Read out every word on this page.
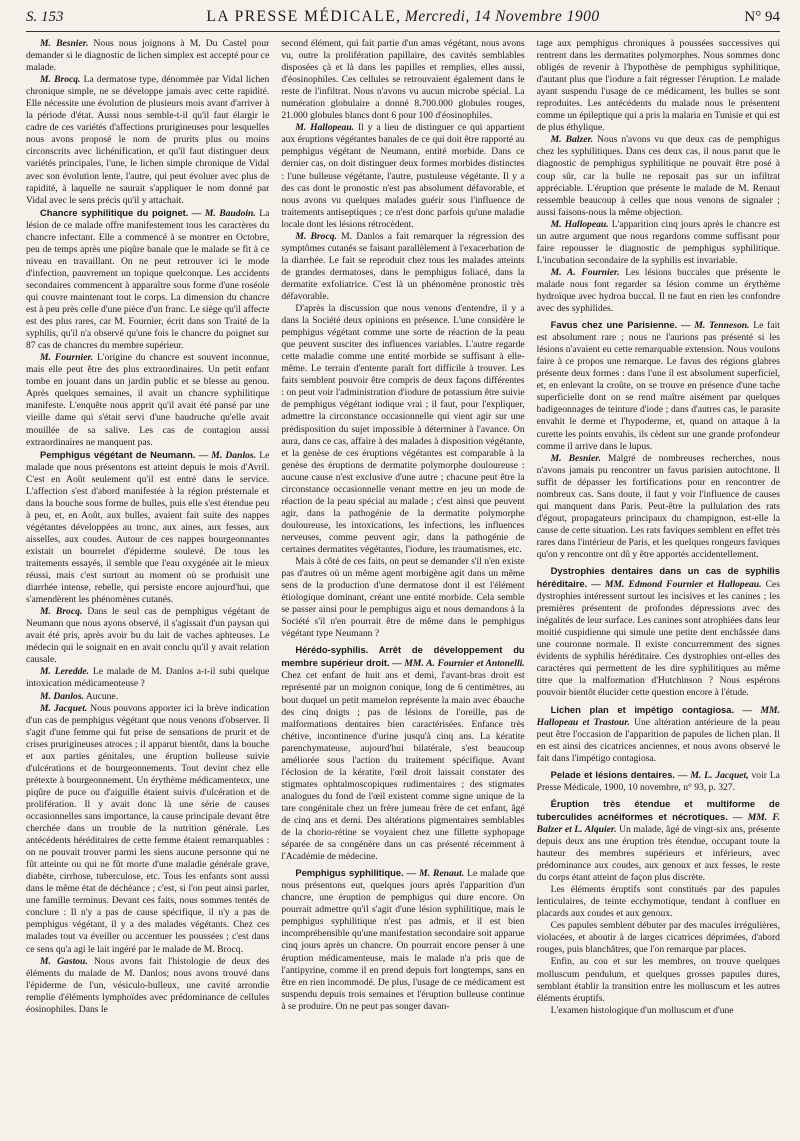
S. 153	LA PRESSE MÉDICALE, Mercredi, 14 Novembre 1900	N° 94

M. Besnier. Nous nous joignons à M. Du Castel pour demander si le diagnostic de lichen simplex est accepté pour ce malade.

M. Brocq. La dermatose type, dénommée par Vidal lichen chronique simple, ne se développe jamais avec cette rapidité. Elle nécessite une évolution de plusieurs mois avant d'arriver à la période d'état. Aussi nous semble-t-il qu'il faut élargir le cadre de ces variétés d'affections prurigineuses pour lesquelles nous avons proposé le nom de prurits plus ou moins circonscrits avec lichénification, et qu'il faut distinguer deux variétés principales, l'une, le lichen simple chronique de Vidal avec son évolution lente, l'autre, qui peut évoluer avec plus de rapidité, à laquelle ne saurait s'appliquer le nom donné par Vidal avec le sens précis qu'il y attachait.

Chancre syphilitique du poignet. — M. Baudoin. La lésion de ce malade offre manifestement tous les caractères du chancre infectant. Elle a commencé à se montrer en Octobre, peu de temps après une piqûre banale que le malade se fit à ce niveau en travaillant. On ne peut retrouver ici le mode d'infection, pauvrement un topique quelconque. Les accidents secondaires commencent à apparaître sous forme d'une roséole qui couvre maintenant tout le corps. La dimension du chancre est à peu près celle d'une pièce d'un franc. Le siège qu'il affecte est des plus rares, car M. Fournier, écrit dans son Traité de la syphilis, qu'il n'a observé qu'une fois le chancre du poignet sur 87 cas de chancres du membre supérieur.

M. Fournier. L'origine du chancre est souvent inconnue, mais elle peut être des plus extraordinaires. Un petit enfant tombe en jouant dans un jardin public et se blesse au genou. Après quelques semaines, il avait un chancre syphilitique manifeste. L'enquête nous apprit qu'il avait été pansé par une vieille dame qui s'était servi d'une baudruche qu'elle avait mouillée de sa salive. Les cas de contagion aussi extraordinaires ne manquent pas.

Pemphigus végétant de Neumann. — M. Danlos. Le malade que nous présentons est atteint depuis le mois d'Avril. C'est en Août seulement qu'il est entré dans le service. L'affection s'est d'abord manifestée à la région présternale et dans la bouche sous forme de bulles, puis elle s'est étendue peu à peu, et, en Août, aux bulles, avaient fait suite des nappes végétantes développées au tronc, aux aines, aux fesses, aux aisselles, aux coudes. Autour de ces nappes bourgeonnantes existait un bourrelet d'épiderme soulevé. De tous les traitements essayés, il semble que l'eau oxygénée ait le mieux réussi, mais c'est surtout au moment où se produisit une diarrhée intense, rebelle, qui persiste encore aujourd'hui, que s'amendèrent les phénomènes cutanés.

M. Brocq. Dans le seul cas de pemphigus végétant de Neumann que nous ayons observé, il s'agissait d'un paysan qui avait été pris, après avoir bu du lait de vaches aphteuses. Le médecin qui le soignait en en avait conclu qu'il y avait relation causale.

M. Leredde. Le malade de M. Danlos a-t-il subi quelque intoxication médicamenteuse ?

M. Danlos. Aucune.

M. Jacquet. Nous pouvons apporter ici la brève indication d'un cas de pemphigus végétant que nous venons d'observer. Il s'agit d'une femme qui fut prise de sensations de prurit et de crises prurigineuses atroces ; il apparut bientôt, dans la bouche et aux parties génitales, une éruption bulleuse suivie d'ulcérations et de bourgeonnements. Tout devint chez elle prétexte à bourgeonnement. Un érythème médicamenteux, une piqûre de puce ou d'aiguille étaient suivis d'ulcération et de prolifération. Il y avait donc là une série de causes occasionnelles sans importance, la cause principale devant être cherchée dans un trouble de la nutrition générale. Les antécédents héréditaires de cette femme étaient remarquables : on ne pouvait trouver parmi les siens aucune personne qui ne fût atteinte ou qui ne fût morte d'une maladie générale grave, diabète, cirrhose, tuberculose, etc. Tous les enfants sont aussi dans le même état de déchéance ; c'est, si l'on peut ainsi parler, une famille terminus. Devant ces faits, nous sommes tentés de conclure : Il n'y a pas de cause spécifique, il n'y a pas de pemphigus végétant, il y a des malades végétants. Chez ces malades tout va éveiller ou accentuer les poussées ; c'est dans ce sens qu'a agi le lait ingéré par le malade de M. Brocq.

M. Gastou. Nous avons fait l'histologie de deux des éléments du malade de M. Danlos; nous avons trouvé dans l'épiderme de l'un, vésiculo-bulleux, une cavité arrondie remplie d'éléments lymphoïdes avec prédominance de cellules éosinophiles. Dans le

second élément, qui fait partie d'un amas végétant, nous avons vu, outre la prolifération papillaire, des cavités semblables disposées çà et là dans les papilles et remplies, elles aussi, d'éosinophiles. Ces cellules se retrouvaient également dans le reste de l'infiltrat. Nous n'avons vu aucun microbe spécial. La numération globulaire a donné 8.700.000 globules rouges, 21.000 globules blancs dont 6 pour 100 d'éosinophiles.

M. Hallopeau. Il y a lieu de distinguer ce qui appartient aux éruptions végétantes banales de ce qui doit être rapporté au pemphigus végétant de Neumann, entité morbide. Dans ce dernier cas, on doit distinguer deux formes morbides distinctes : l'une bulleuse végétante, l'autre, pustuleuse végétante. Il y a des cas dont le pronostic n'est pas absolument défavorable, et nous avons vu quelques malades guérir sous l'influence de traitements antiseptiques ; ce n'est donc parfois qu'une maladie locale dont les lésions rétrocèdent.

M. Brocq. M. Danlos a fait remarquer la régression des symptômes cutanés se faisant parallèlement à l'exacerbation de la diarrhée. Le fait se reproduit chez tous les malades atteints de grandes dermatoses, dans le pemphigus foliacé, dans la dermatite exfoliatrice. C'est là un phénomène pronostic très défavorable.

D'après la discussion que nous venons d'entendre, il y a dans la Société deux opinions en présence. L'une considère le pemphigus végétant comme une sorte de réaction de la peau que peuvent susciter des influences variables. L'autre regarde cette maladie comme une entité morbide se suffisant à elle-même. Le terrain d'entente paraît fort difficile à trouver. Les faits semblent pouvoir être compris de deux façons différentes : on peut voir l'administration d'iodure de potassium être suivie de pemphigus végétant iodique vrai ; il faut, pour l'expliquer, admettre la circonstance occasionnelle qui vient agir sur une prédisposition du sujet impossible à déterminer à l'avance. On aura, dans ce cas, affaire à des malades à disposition végétante, et la genèse de ces éruptions végétantes est comparable à la genèse des éruptions de dermatite polymorphe douloureuse : aucune cause n'est exclusive d'une autre ; chacune peut être la circonstance occasionnelle venant mettre en jeu un mode de réaction de la peau spécial au malade ; c'est ainsi que peuvent agir, dans la pathogénie de la dermatite polymorphe douloureuse, les intoxications, les infections, les influences nerveuses, comme peuvent agir, dans la pathogénie de certaines dermatites végétantes, l'iodure, les traumatismes, etc.

Mais à côté de ces faits, on peut se demander s'il n'en existe pas d'autres où un même agent morbigène agit dans un même sens de la production d'une dermatose dont il est l'élément étiologique dominant, créant une entité morbide. Cela semble se passer ainsi pour le pemphigus aigu et nous demandons à la Société s'il n'en pourrait être de même dans le pemphigus végétant type Neumann ?

Hérédo-syphilis. Arrêt de développement du membre supérieur droit. — MM. A. Fournier et Antonelli. Chez cet enfant de huit ans et demi, l'avant-bras droit est représenté par un moignon conique, long de 6 centimètres, au bout duquel un petit mamelon représente la main avec ébauche des cinq doigts ; pas de lésions de l'oreille, pas de malformations dentaires bien caractérisées. Enfance très chétive, incontinence d'urine jusqu'à cinq ans. La kératite parenchymateuse, aujourd'hui bilatérale, s'est beaucoup améliorée sous l'action du traitement spécifique. Avant l'éclosion de la kératite, l'œil droit laissait constater des stigmates ophtalmoscopiques rudimentaires ; des stigmates analogues du fond de l'œil existent comme signe unique de la tare congénitale chez un frère jumeau frère de cet enfant, âgé de cinq ans et demi. Des altérations pigmentaires semblables de la chorio-rétine se voyaient chez une fillette syphopage séparée de sa congénère dans un cas présenté récemment à l'Académie de médecine.

Pemphigus syphilitique. — M. Renaut. Le malade que nous présentons eut, quelques jours après l'apparition d'un chancre, une éruption de pemphigus qui dure encore. On pourrait admettre qu'il s'agit d'une lésion syphilitique, mais le pemphigus syphilitique n'est pas admis, et il est bien incompréhensible qu'une manifestation secondaire soit apparue cinq jours après un chancre. On pourrait encore penser à une éruption médicamenteuse, mais le malade n'a pris que de l'antipyrine, comme il en prend depuis fort longtemps, sans en être en rien incommodé. De plus, l'usage de ce médicament est suspendu depuis trois semaines et l'éruption bulleuse continue à se produire. On ne peut pas songer davan-

tage aux pemphigus chroniques à poussées successives qui rentrent dans les dermatites polymorphes. Nous sommes donc obligés de revenir à l'hypothèse de pemphigus syphilitique, d'autant plus que l'iodure a fait régresser l'éruption. Le malade ayant suspendu l'usage de ce médicament, les bulles se sont reproduites. Les antécédents du malade nous le présentent comme un épileptique qui a pris la malaria en Tunisie et qui est de plus éthylique.

M. Balzer. Nous n'avons vu que deux cas de pemphigus chez les syphilitiques. Dans ces deux cas, il nous parut que le diagnostic de pemphigus syphilitique ne pouvait être posé à coup sûr, car la bulle ne reposait pas sur un infiltrat appréciable. L'éruption que présente le malade de M. Renaut ressemble beaucoup à celles que nous venons de signaler ; aussi faisons-nous la même objection.

M. Hallopeau. L'apparition cinq jours après le chancre est un autre argument que nous regardons comme suffisant pour faire repousser le diagnostic de pemphigus syphilitique. L'incubation secondaire de la syphilis est invariable.

M. A. Fournier. Les lésions buccales que présente le malade nous font regarder sa lésion comme un érythème hydroïque avec hydroa buccal. Il ne faut en rien les confondre avec des syphilides.

Favus chez une Parisienne. — M. Tenneson. Le fait est absolument rare ; nous ne l'aurions pas présenté si les lésions n'avaient eu cette remarquable extension. Nous voulons faire à ce propos une remarque. Le favus des régions glabres présente deux formes : dans l'une il est absolument superficiel, et, en enlevant la croûte, on se trouve en présence d'une tache superficielle dont on se rend maître aisément par quelques badigeonnages de teinture d'iode ; dans d'autres cas, le parasite envahit le derme et l'hypoderme, et, quand on attaque à la curette les points envahis, ils cèdent sur une grande profondeur comme il arrive dans le lupus.

M. Besnier. Malgré de nombreuses recherches, nous n'avons jamais pu rencontrer un favus parisien autochtone. Il suffit de dépasser les fortifications pour en rencontrer de nombreux cas. Sans doute, il faut y voir l'influence de causes qui manquent dans Paris. Peut-être la pullulation des rats d'égout, propagateurs principaux du champignon, est-elle la cause de cette situation. Les rats faviques semblent en effet très rares dans l'intérieur de Paris, et les quelques rongeurs faviques qu'on y rencontre ont dû y être apportés accidentellement.

Dystrophies dentaires dans un cas de syphilis héréditaire. — MM. Edmond Fournier et Hallopeau. Ces dystrophies intéressent surtout les incisives et les canines ; les premières présentent de profondes dépressions avec des inégalités de leur surface. Les canines sont atrophiées dans leur moitié cuspidienne qui simule une petite dent enchâssée dans une couronne normale. Il existe concurremment des signes évidents de syphilis héréditaire. Ces dystrophies ont-elles des caractères qui permettent de les dire syphilitiques au même titre que la malformation d'Hutchinson ? Nous espérons pouvoir bientôt élucider cette question encore à l'étude.

Lichen plan et impétigo contagiosa. — MM. Hallopeau et Trastour. Une altération antérieure de la peau peut être l'occasion de l'apparition de papules de lichen plan. Il en est ainsi des cicatrices anciennes, et nous avons observé le fait dans l'impétigo contagiosa.

Pelade et lésions dentaires. — M. L. Jacquet, voir La Presse Médicale, 1900, 10 novembre, n° 93, p. 327.

Éruption très étendue et multiforme de tuberculides acnéiformes et nécrotiques. — MM. F. Balzer et L. Alquier. Un malade, âgé de vingt-six ans, présente depuis deux ans une éruption très étendue, occupant toute la hauteur des membres supérieurs et inférieurs, avec prédominance aux coudes, aux genoux et aux fesses, le reste du corps étant atteint de façon plus discrète.

Les éléments éruptifs sont constitués par des papules lenticulaires, de teinte ecchymotique, tendant à confluer en placards aux coudes et aux genoux.

Ces papules semblent débuter par des macules irrégulières, violacées, et aboutir à de larges cicatrices déprimées, d'abord rouges, puis blanchâtres, que l'on remarque par places.

Enfin, au cou et sur les membres, on trouve quelques molluscum pendulum, et quelques grosses papules dures, semblant établir la transition entre les molluscum et les autres éléments éruptifs.

L'examen histologique d'un molluscum et d'une
